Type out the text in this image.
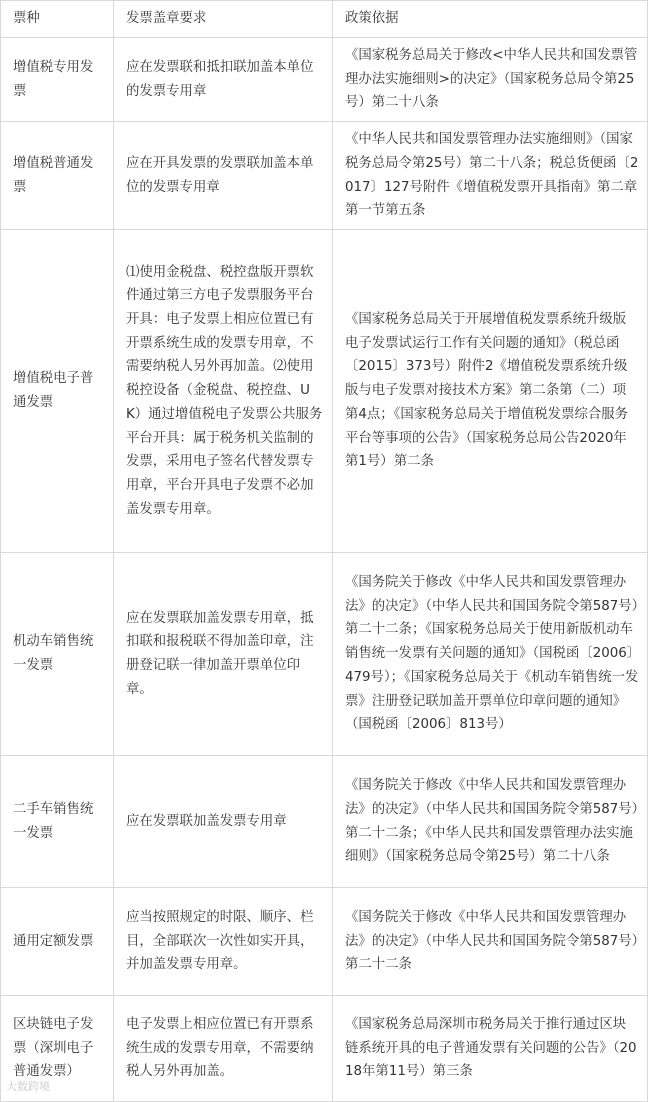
票种	发票盖章要求	政策依据
增值税专用发票	应在发票联和抵扣联加盖本单位的发票专用章	《国家税务总局关于修改<中华人民共和国发票管理办法实施细则>的决定》（国家税务总局令第25号）第二十八条
增值税普通发票	应在开具发票的发票联加盖本单位的发票专用章	《中华人民共和国发票管理办法实施细则》（国家税务总局令第25号）第二十八条；税总货便函〔2017〕127号附件《增值税发票开具指南》第二章第一节第五条
增值税电子普通发票	⑴使用金税盘、税控盘版开票软件通过第三方电子发票服务平台开具：电子发票上相应位置已有开票系统生成的发票专用章，不需要纳税人另外再加盖。⑵使用税控设备（金税盘、税控盘、UK）通过增值税电子发票公共服务平台开具：属于税务机关监制的发票，采用电子签名代替发票专用章，平台开具电子发票不必加盖发票专用章。	《国家税务总局关于开展增值税发票系统升级版电子发票试运行工作有关问题的通知》（税总函〔2015〕373号）附件2《增值税发票系统升级版与电子发票对接技术方案》第二条第（二）项第4点；《国家税务总局关于增值税发票综合服务平台等事项的公告》（国家税务总局公告2020年第1号）第二条
机动车销售统一发票	应在发票联加盖发票专用章，抵扣联和报税联不得加盖印章，注册登记联一律加盖开票单位印章。	《国务院关于修改《中华人民共和国发票管理办法》的决定》（中华人民共和国国务院令第587号）第二十二条；《国家税务总局关于使用新版机动车销售统一发票有关问题的通知》（国税函〔2006〕479号）；《国家税务总局关于《机动车销售统一发票》注册登记联加盖开票单位印章问题的通知》（国税函〔2006〕813号）
二手车销售统一发票	应在发票联加盖发票专用章	《国务院关于修改《中华人民共和国发票管理办法》的决定》（中华人民共和国国务院令第587号）第二十二条；《中华人民共和国发票管理办法实施细则》（国家税务总局令第25号）第二十八条
通用定额发票	应当按照规定的时限、顺序、栏目，全部联次一次性如实开具，并加盖发票专用章。	《国务院关于修改《中华人民共和国发票管理办法》的决定》（中华人民共和国国务院令第587号）第二十二条
区块链电子发票（深圳电子普通发票）	电子发票上相应位置已有开票系统生成的发票专用章，不需要纳税人另外再加盖。	《国家税务总局深圳市税务局关于推行通过区块链系统开具的电子普通发票有关问题的公告》（2018年第11号）第三条
大数跨境
